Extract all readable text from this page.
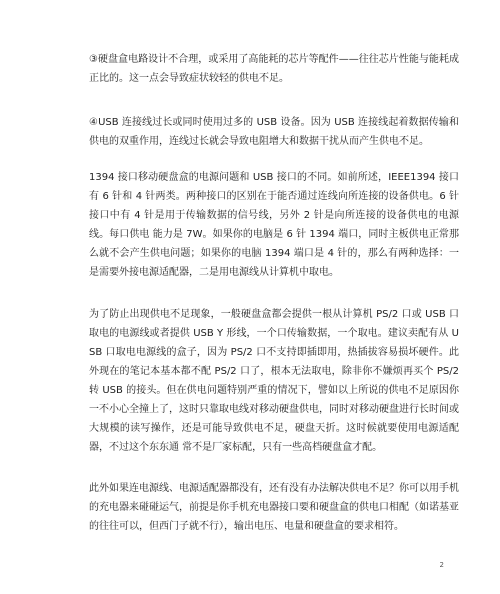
③硬盘盒电路设计不合理，或采用了高能耗的芯片等配件——往往芯片性能与能耗成正比的。这一点会导致症状较轻的供电不足。

④USB 连接线过长或同时使用过多的 USB 设备。因为 USB 连接线起着数据传输和供电的双重作用，连线过长就会导致电阻增大和数据干扰从而产生供电不足。

1394 接口移动硬盘盒的电源问题和 USB 接口的不同。如前所述，IEEE1394 接口有 6 针和 4 针两类。两种接口的区别在于能否通过连线向所连接的设备供电。6 针接口中有 4 针是用于传输数据的信号线，另外 2 针是向所连接的设备供电的电源线。每口供电 能力是 7W。如果你的电脑是 6 针 1394 端口，同时主板供电正常那么就不会产生供电问题；如果你的电脑 1394 端口是 4 针的，那么有两种选择：一是需要外接电源适配器，二是用电源线从计算机中取电。

为了防止出现供电不足现象，一般硬盘盒都会提供一根从计算机 PS/2 口或 USB 口取电的电源线或者提供 USB Y 形线，一个口传输数据，一个取电。建议卖配有从 USB 口取电电源线的盒子，因为 PS/2 口不支持即插即用，热插拔容易损坏硬件。此外现在的笔记本基本都不配 PS/2 口了，根本无法取电，除非你不嫌烦再买个 PS/2 转 USB 的接头。但在供电问题特别严重的情况下，譬如以上所说的供电不足原因你一不小心全撞上了，这时只靠取电线对移动硬盘供电，同时对移动硬盘进行长时间或大规模的读写操作，还是可能导致供电不足，硬盘天折。这时候就要使用电源适配器，不过这个东东通 常不是厂家标配，只有一些高档硬盘盒才配。

此外如果连电源线、电源适配器都没有，还有没有办法解决供电不足？你可以用手机的充电器来碰碰运气，前提是你手机充电器接口要和硬盘盒的供电口相配（如诺基亚的往往可以，但西门子就不行），输出电压、电量和硬盘盒的要求相符。

2
